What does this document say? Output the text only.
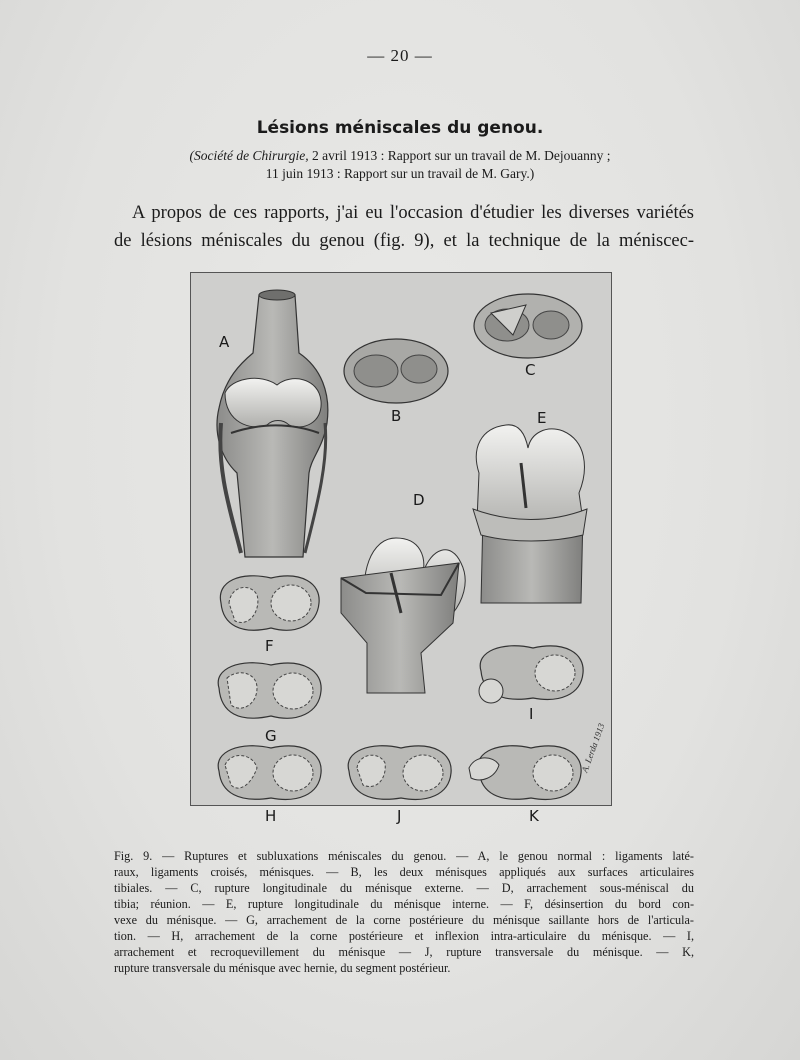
— 20 —
Lésions méniscales du genou.
(Société de Chirurgie, 2 avril 1913 : Rapport sur un travail de M. Dejouanny ;
11 juin 1913 : Rapport sur un travail de M. Gary.)
A propos de ces rapports, j'ai eu l'occasion d'étudier les diverses variétés
de lésions méniscales du genou (fig. 9), et la technique de la méniscec-
A
B
C
D
E
F
G
H
I
J	K
A. Lerda 1913
Fig. 9. — Ruptures et subluxations méniscales du genou. — A, le genou normal : ligaments laté-
raux, ligaments croisés, ménisques. — B, les deux ménisques appliqués aux surfaces articulaires
tibiales. — C, rupture longitudinale du ménisque externe. — D, arrachement sous-méniscal du
tibia; réunion. — E, rupture longitudinale du ménisque interne. — F, désinsertion du bord con-
vexe du ménisque. — G, arrachement de la corne postérieure du ménisque saillante hors de l'articula-
tion. — H, arrachement de la corne postérieure et inflexion intra-articulaire du ménisque. — I,
arrachement et recroquevillement du ménisque — J, rupture transversale du ménisque. — K,
rupture transversale du ménisque avec hernie, du segment postérieur.
